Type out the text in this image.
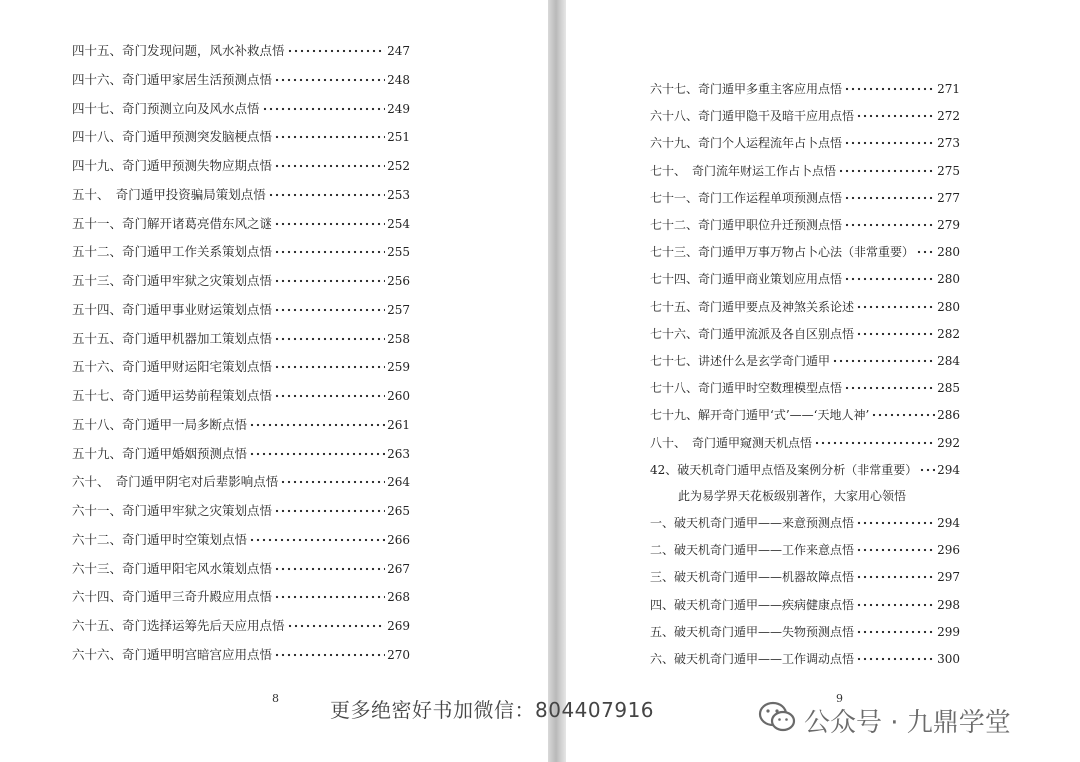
四十五、奇门发现问题，风水补救点悟	247
四十六、奇门遁甲家居生活预测点悟	248
四十七、奇门预测立向及风水点悟	249
四十八、奇门遁甲预测突发脑梗点悟	251
四十九、奇门遁甲预测失物应期点悟	252
五十、　奇门遁甲投资骗局策划点悟	253
五十一、奇门解开诸葛亮借东风之谜	254
五十二、奇门遁甲工作关系策划点悟	255
五十三、奇门遁甲牢狱之灾策划点悟	256
五十四、奇门遁甲事业财运策划点悟	257
五十五、奇门遁甲机器加工策划点悟	258
五十六、奇门遁甲财运阳宅策划点悟	259
五十七、奇门遁甲运势前程策划点悟	260
五十八、奇门遁甲一局多断点悟	261
五十九、奇门遁甲婚姻预测点悟	263
六十、　奇门遁甲阴宅对后辈影响点悟	264
六十一、奇门遁甲牢狱之灾策划点悟	265
六十二、奇门遁甲时空策划点悟	266
六十三、奇门遁甲阳宅风水策划点悟	267
六十四、奇门遁甲三奇升殿应用点悟	268
六十五、奇门选择运筹先后天应用点悟	269
六十六、奇门遁甲明宫暗宫应用点悟	270
8
六十七、奇门遁甲多重主客应用点悟	271
六十八、奇门遁甲隐干及暗干应用点悟	272
六十九、奇门个人运程流年占卜点悟	273
七十、　奇门流年财运工作占卜点悟	275
七十一、奇门工作运程单项预测点悟	277
七十二、奇门遁甲职位升迁预测点悟	279
七十三、奇门遁甲万事万物占卜心法（非常重要） 280
七十四、奇门遁甲商业策划应用点悟	280
七十五、奇门遁甲要点及神煞关系论述	280
七十六、奇门遁甲流派及各自区别点悟	282
七十七、讲述什么是玄学奇门遁甲	284
七十八、奇门遁甲时空数理模型点悟	285
七十九、解开奇门遁甲‘式’——‘天地人神’	286
八十、　奇门遁甲窥测天机点悟	292
42、破天机奇门遁甲点悟及案例分析（非常重要） 294
此为易学界天花板级别著作，大家用心领悟
一、破天机奇门遁甲——来意预测点悟	294
二、破天机奇门遁甲——工作来意点悟	296
三、破天机奇门遁甲——机器故障点悟	297
四、破天机奇门遁甲——疾病健康点悟	298
五、破天机奇门遁甲——失物预测点悟	299
六、破天机奇门遁甲——工作调动点悟	300
9
更多绝密好书加微信：804407916	公众号 · 九鼎学堂
